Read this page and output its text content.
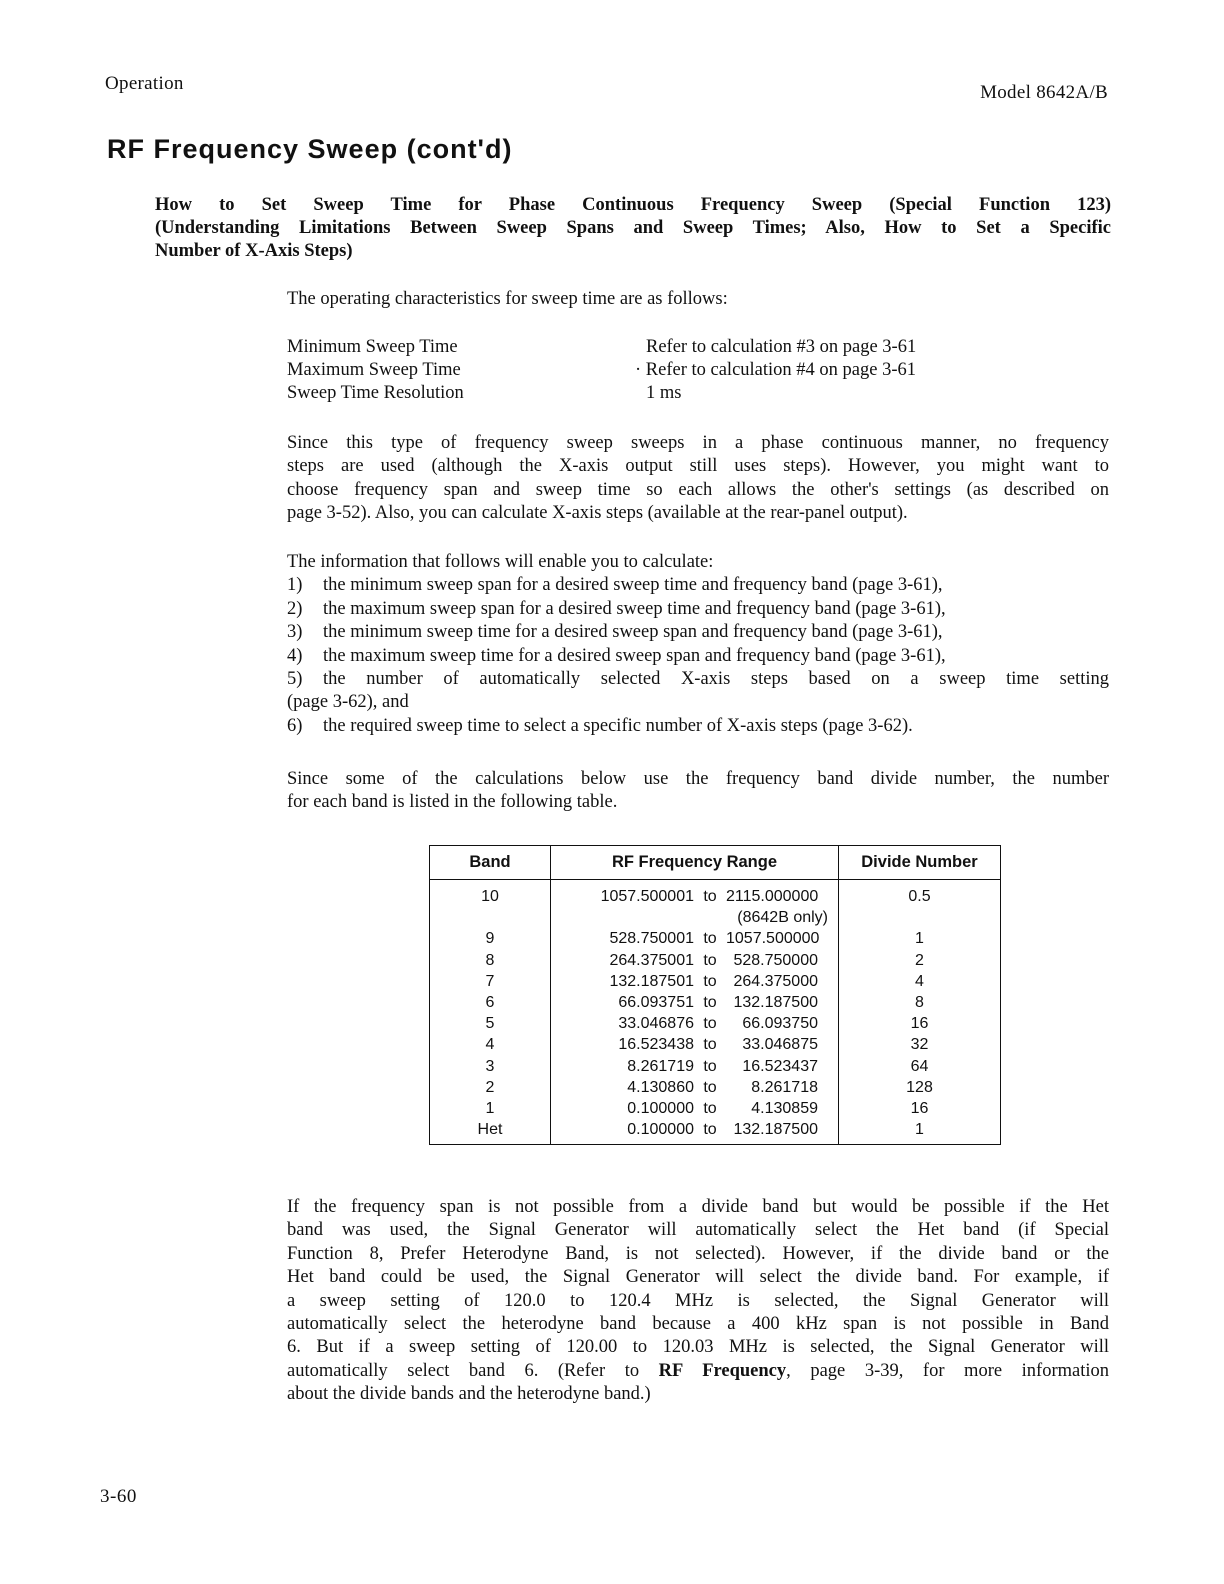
Operation	Model 8642A/B
RF Frequency Sweep (cont'd)
How to Set Sweep Time for Phase Continuous Frequency Sweep (Special Function 123)
(Understanding Limitations Between Sweep Spans and Sweep Times; Also, How to Set a Specific
Number of X-Axis Steps)
The operating characteristics for sweep time are as follows:
Minimum Sweep Time	Refer to calculation #3 on page 3-61
Maximum Sweep Time	· Refer to calculation #4 on page 3-61
Sweep Time Resolution	1 ms
Since this type of frequency sweep sweeps in a phase continuous manner, no frequency
steps are used (although the X-axis output still uses steps). However, you might want to
choose frequency span and sweep time so each allows the other's settings (as described on
page 3-52). Also, you can calculate X-axis steps (available at the rear-panel output).
The information that follows will enable you to calculate:
1) the minimum sweep span for a desired sweep time and frequency band (page 3-61),
2) the maximum sweep span for a desired sweep time and frequency band (page 3-61),
3) the minimum sweep time for a desired sweep span and frequency band (page 3-61),
4) the maximum sweep time for a desired sweep span and frequency band (page 3-61),
5) the number of automatically selected X-axis steps based on a sweep time setting
(page 3-62), and
6) the required sweep time to select a specific number of X-axis steps (page 3-62).
Since some of the calculations below use the frequency band divide number, the number
for each band is listed in the following table.
Band	RF Frequency Range	Divide Number
10	1057.500001 to 2115.000000	0.5

	(8642B only)	

9	528.750001 to 1057.500000	1
8	264.375001 to 528.750000	2
7	132.187501 to 264.375000	4
6	66.093751 to 132.187500	8
5	33.046876 to 66.093750	16
4	16.523438 to 33.046875	32
3	8.261719 to 16.523437	64
2	4.130860 to 8.261718	128
1	0.100000 to 4.130859	16
Het	0.100000 to 132.187500	1
If the frequency span is not possible from a divide band but would be possible if the Het
band was used, the Signal Generator will automatically select the Het band (if Special
Function 8, Prefer Heterodyne Band, is not selected). However, if the divide band or the
Het band could be used, the Signal Generator will select the divide band. For example, if
a sweep setting of 120.0 to 120.4 MHz is selected, the Signal Generator will
automatically select the heterodyne band because a 400 kHz span is not possible in Band
6. But if a sweep setting of 120.00 to 120.03 MHz is selected, the Signal Generator will
automatically select band 6. (Refer to RF Frequency, page 3-39, for more information
about the divide bands and the heterodyne band.)
3-60
